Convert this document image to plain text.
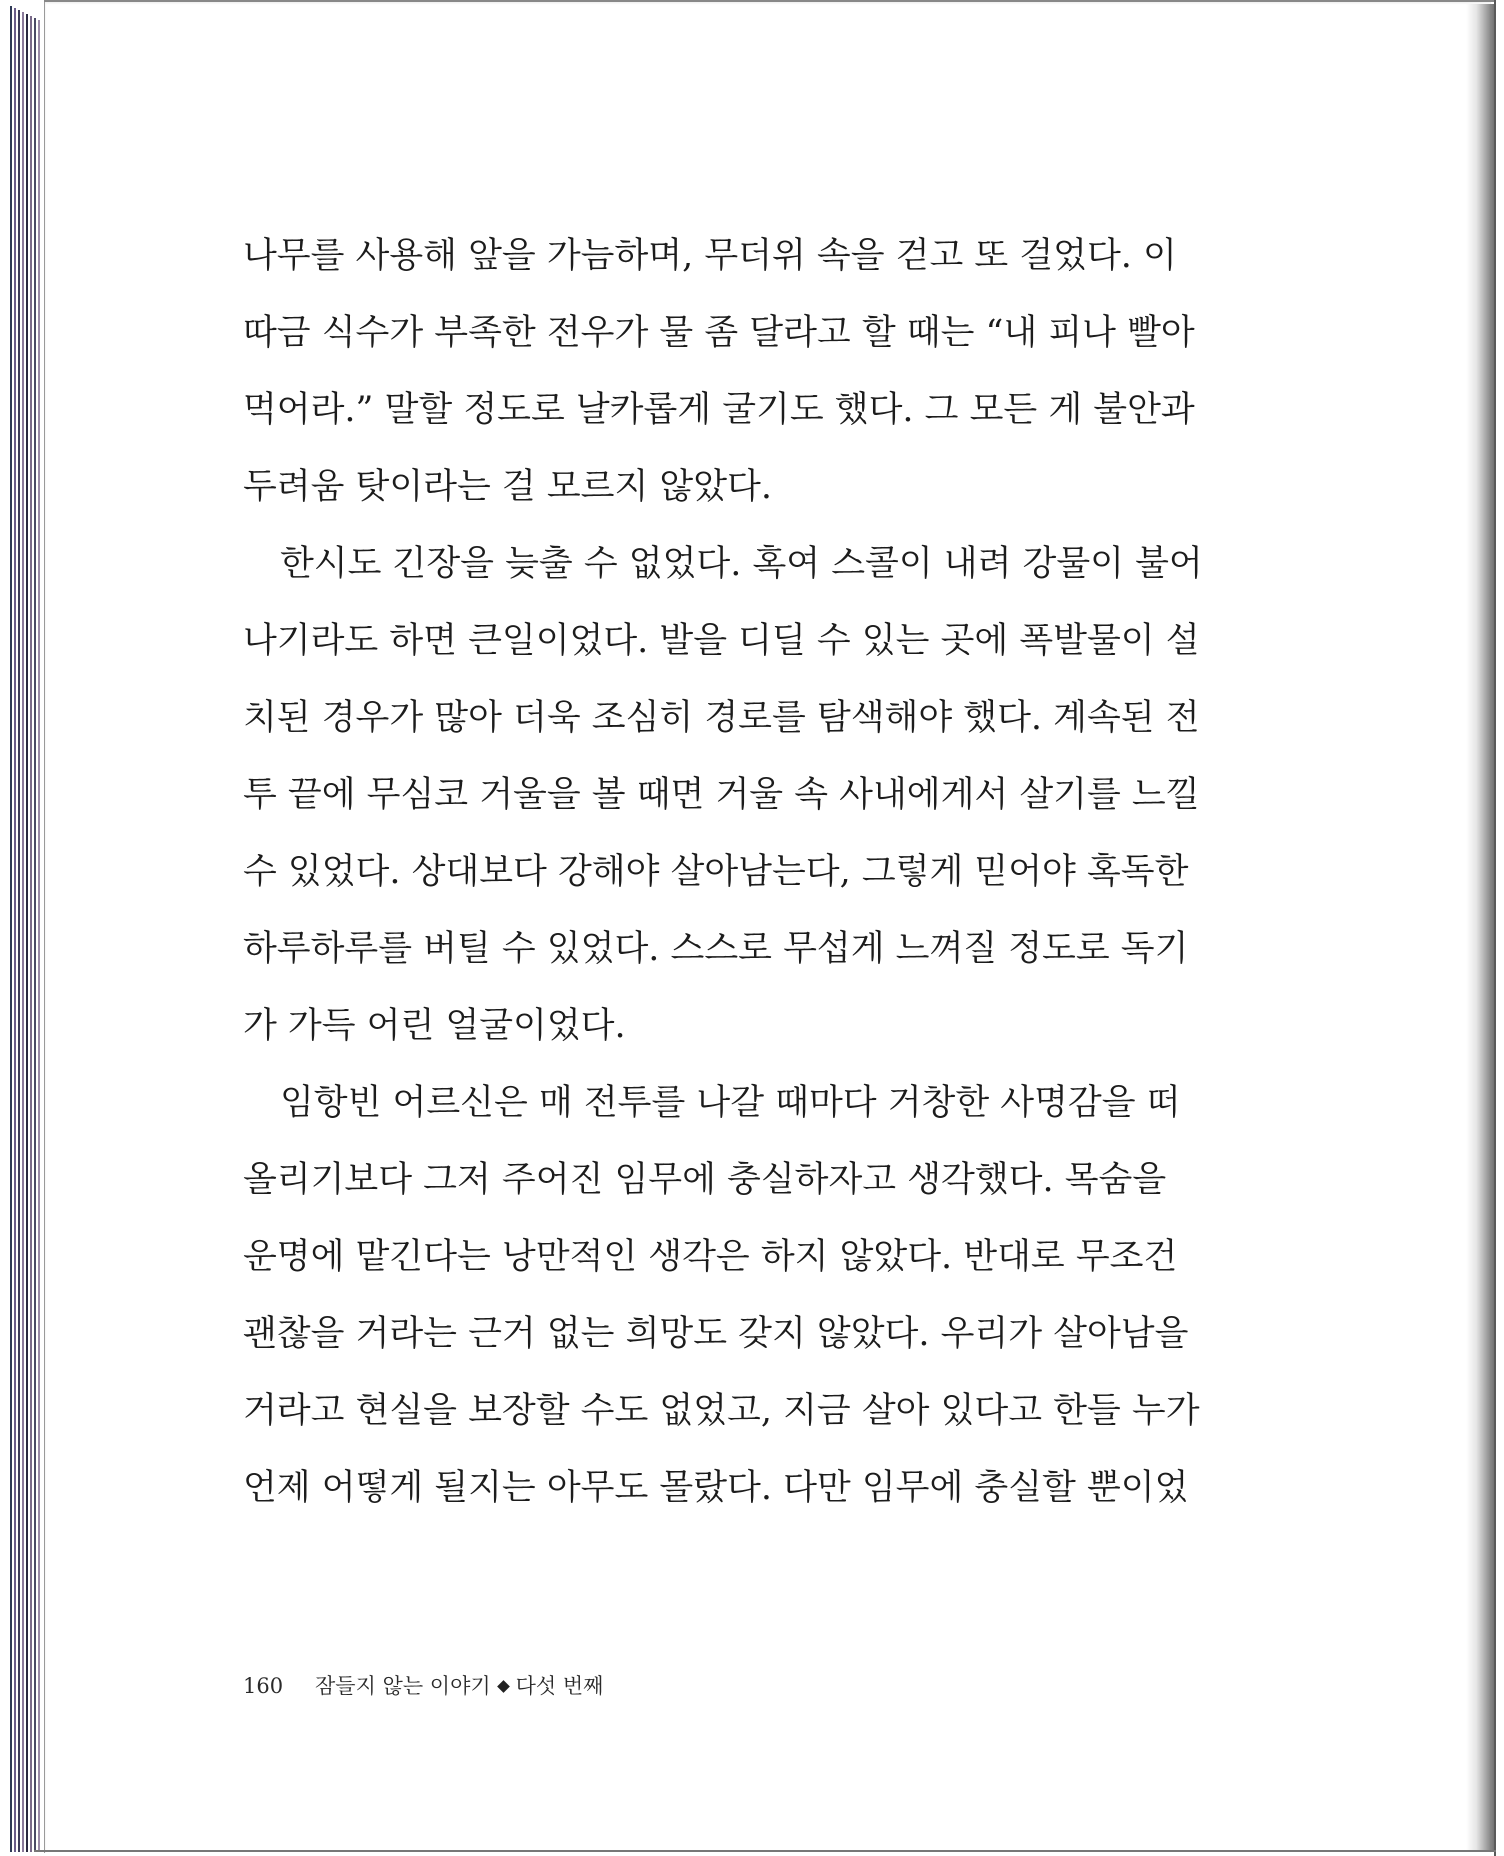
나무를 사용해 앞을 가늠하며, 무더위 속을 걷고 또 걸었다. 이
따금 식수가 부족한 전우가 물 좀 달라고 할 때는 “내 피나 빨아
먹어라.” 말할 정도로 날카롭게 굴기도 했다. 그 모든 게 불안과
두려움 탓이라는 걸 모르지 않았다.
한시도 긴장을 늦출 수 없었다. 혹여 스콜이 내려 강물이 불어
나기라도 하면 큰일이었다. 발을 디딜 수 있는 곳에 폭발물이 설
치된 경우가 많아 더욱 조심히 경로를 탐색해야 했다. 계속된 전
투 끝에 무심코 거울을 볼 때면 거울 속 사내에게서 살기를 느낄
수 있었다. 상대보다 강해야 살아남는다, 그렇게 믿어야 혹독한
하루하루를 버틸 수 있었다. 스스로 무섭게 느껴질 정도로 독기
가 가득 어린 얼굴이었다.
임항빈 어르신은 매 전투를 나갈 때마다 거창한 사명감을 떠
올리기보다 그저 주어진 임무에 충실하자고 생각했다. 목숨을
운명에 맡긴다는 낭만적인 생각은 하지 않았다. 반대로 무조건
괜찮을 거라는 근거 없는 희망도 갖지 않았다. 우리가 살아남을
거라고 현실을 보장할 수도 없었고, 지금 살아 있다고 한들 누가
언제 어떻게 될지는 아무도 몰랐다. 다만 임무에 충실할 뿐이었
160 잠들지 않는 이야기 다섯 번째
